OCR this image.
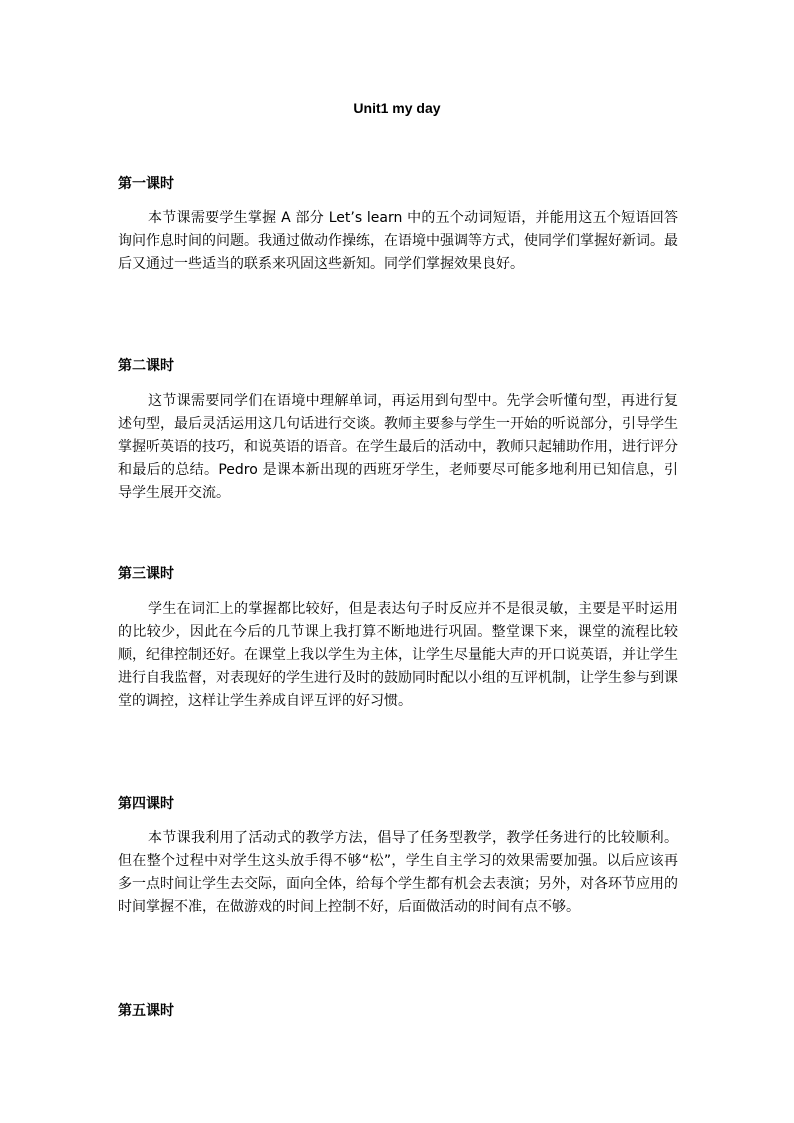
Unit1 my day
第一课时

本节课需要学生掌握 A 部分 Let’s learn 中的五个动词短语，并能用这五个短语回答询问作息时间的问题。我通过做动作操练，在语境中强调等方式，使同学们掌握好新词。最后又通过一些适当的联系来巩固这些新知。同学们掌握效果良好。

第二课时

这节课需要同学们在语境中理解单词，再运用到句型中。先学会听懂句型，再进行复述句型，最后灵活运用这几句话进行交谈。教师主要参与学生一开始的听说部分，引导学生掌握听英语的技巧，和说英语的语音。在学生最后的活动中，教师只起辅助作用，进行评分和最后的总结。Pedro 是课本新出现的西班牙学生，老师要尽可能多地利用已知信息，引导学生展开交流。

第三课时

学生在词汇上的掌握都比较好，但是表达句子时反应并不是很灵敏，主要是平时运用的比较少，因此在今后的几节课上我打算不断地进行巩固。整堂课下来，课堂的流程比较顺，纪律控制还好。在课堂上我以学生为主体，让学生尽量能大声的开口说英语，并让学生进行自我监督，对表现好的学生进行及时的鼓励同时配以小组的互评机制，让学生参与到课堂的调控，这样让学生养成自评互评的好习惯。

第四课时

本节课我利用了活动式的教学方法，倡导了任务型教学，教学任务进行的比较顺利。但在整个过程中对学生这头放手得不够“松”，学生自主学习的效果需要加强。以后应该再多一点时间让学生去交际，面向全体，给每个学生都有机会去表演；另外，对各环节应用的时间掌握不准，在做游戏的时间上控制不好，后面做活动的时间有点不够。

第五课时
